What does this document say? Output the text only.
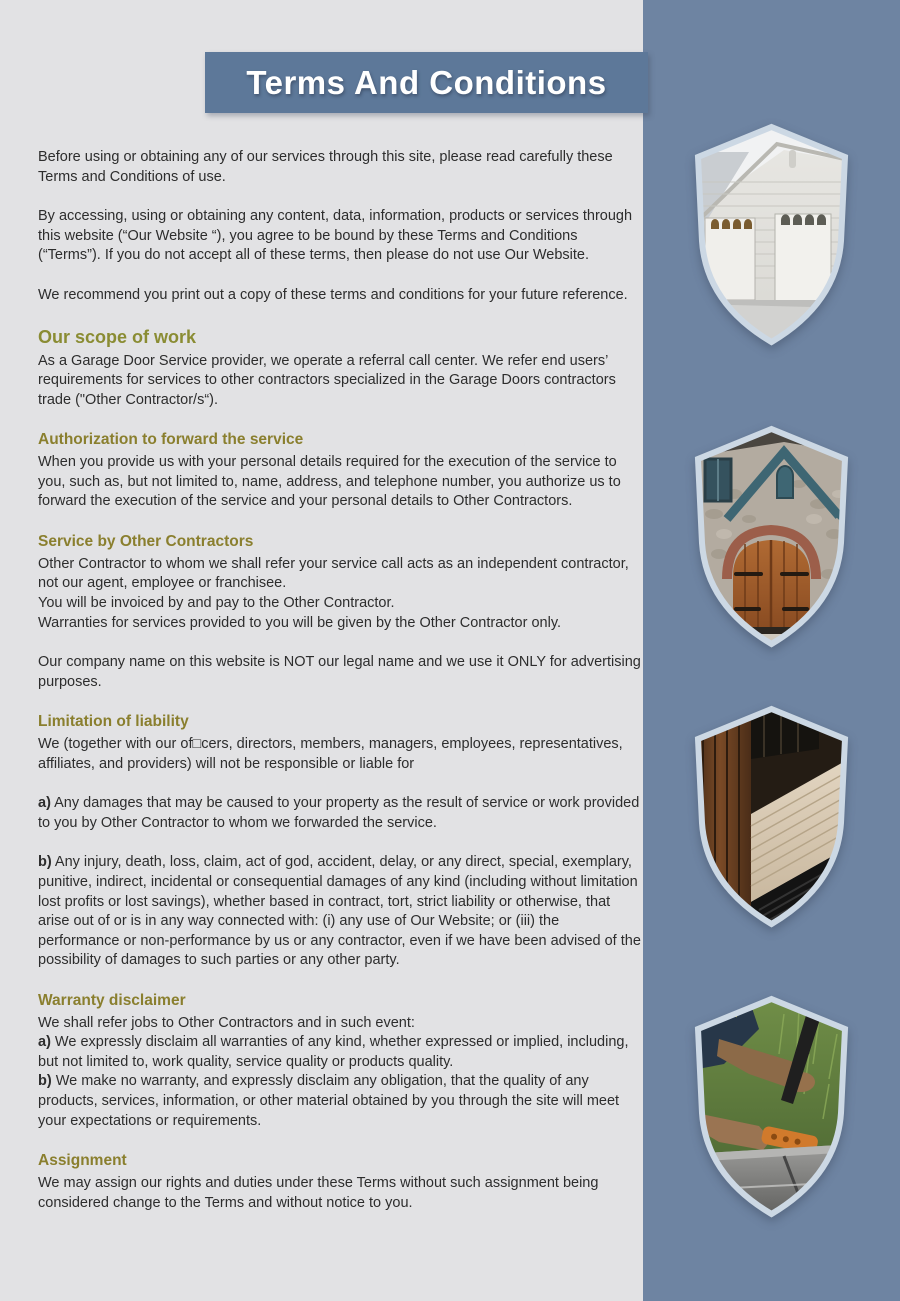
Terms And Conditions

Before using or obtaining any of our services through this site, please read carefully these Terms and Conditions of use.

By accessing, using or obtaining any content, data, information, products or services through this website (“Our Website “), you agree to be bound by these Terms and Conditions (“Terms”). If you do not accept all of these terms, then please do not use Our Website.

We recommend you print out a copy of these terms and conditions for your future reference.

Our scope of work

As a Garage Door Service provider, we operate a referral call center. We refer end users’ requirements for services to other contractors specialized in the Garage Doors contractors trade ("Other Contractor/s“).

Authorization to forward the service

When you provide us with your personal details required for the execution of the service to you, such as, but not limited to, name, address, and telephone number, you authorize us to forward the execution of the service and your personal details to Other Contractors.

Service by Other Contractors

Other Contractor to whom we shall refer your service call acts as an independent contractor, not our agent, employee or franchisee.

You will be invoiced by and pay to the Other Contractor.

Warranties for services provided to you will be given by the Other Contractor only.

Our company name on this website is NOT our legal name and we use it ONLY for advertising purposes.

Limitation of liability

We (together with our of□cers, directors, members, managers, employees, representatives, affiliates, and providers) will not be responsible or liable for

a) Any damages that may be caused to your property as the result of service or work provided to you by Other Contractor to whom we forwarded the service.

b) Any injury, death, loss, claim, act of god, accident, delay, or any direct, special, exemplary, punitive, indirect, incidental or consequential damages of any kind (including without limitation lost profits or lost savings), whether based in contract, tort, strict liability or otherwise, that arise out of or is in any way connected with: (i) any use of Our Website; or (iii) the performance or non-performance by us or any contractor, even if we have been advised of the possibility of damages to such parties or any other party.

Warranty disclaimer

We shall refer jobs to Other Contractors and in such event:

a) We expressly disclaim all warranties of any kind, whether expressed or implied, including, but not limited to, work quality, service quality or products quality.

b) We make no warranty, and expressly disclaim any obligation, that the quality of any products, services, information, or other material obtained by you through the site will meet your expectations or requirements.

Assignment

We may assign our rights and duties under these Terms without such assignment being considered change to the Terms and without notice to you.
